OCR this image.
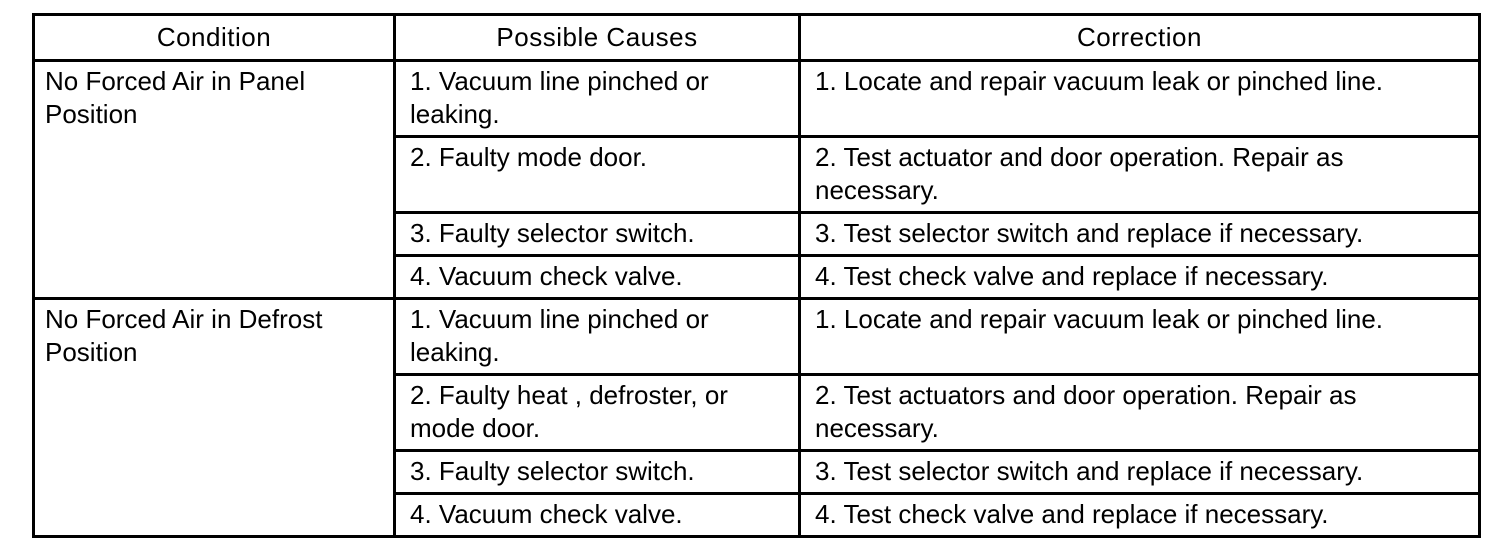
Condition	Possible Causes	Correction

No Forced Air in Panel Position	1. Vacuum line pinched or leaking.	1. Locate and repair vacuum leak or pinched line.

	2. Faulty mode door.	2. Test actuator and door operation. Repair as necessary.

	3. Faulty selector switch.	3. Test selector switch and replace if necessary.

	4. Vacuum check valve.	4. Test check valve and replace if necessary.

No Forced Air in Defrost Position	1. Vacuum line pinched or leaking.	1. Locate and repair vacuum leak or pinched line.

	2. Faulty heat , defroster, or mode door.	2. Test actuators and door operation. Repair as necessary.

	3. Faulty selector switch.	3. Test selector switch and replace if necessary.

	4. Vacuum check valve.	4. Test check valve and replace if necessary.
